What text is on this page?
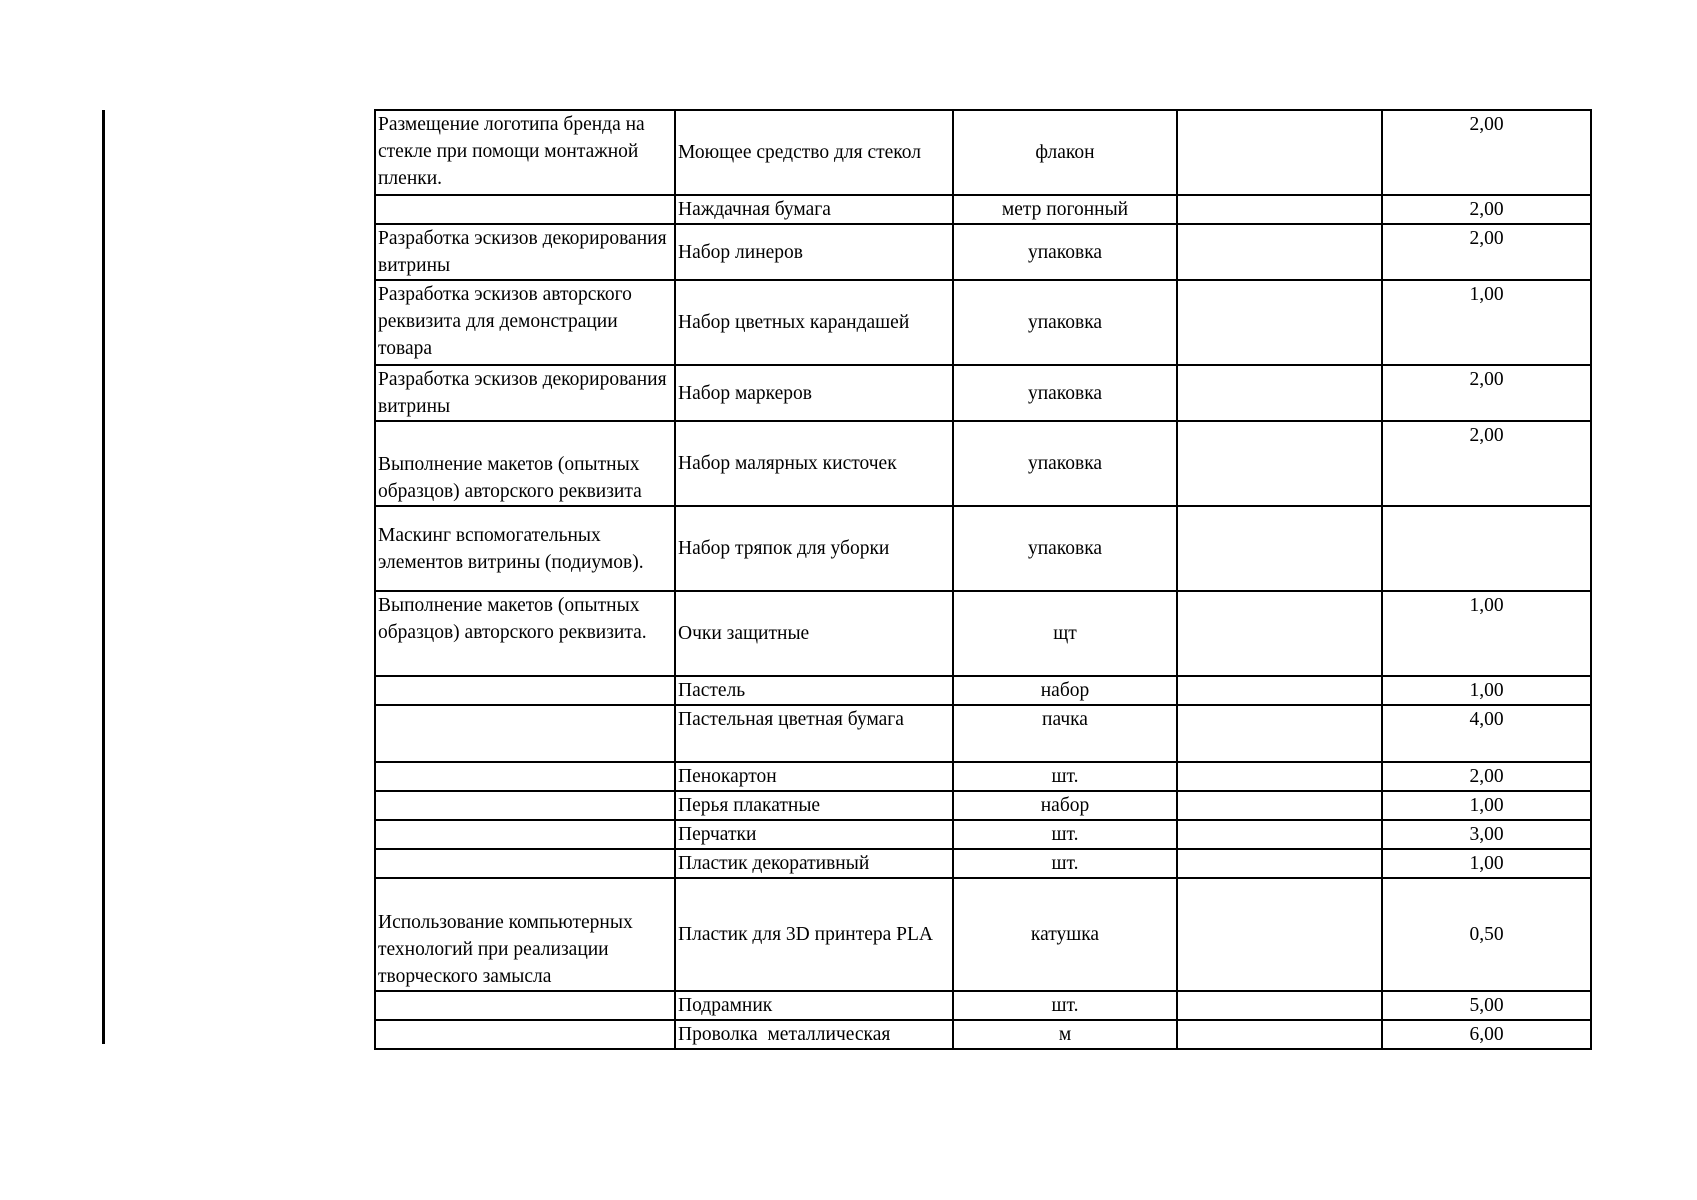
Размещение логотипа бренда на стекле при помощи монтажной пленки.	Моющее средство для стекол	флакон		2,00
	Наждачная бумага	метр погонный		2,00
Разработка эскизов декорирования витрины	Набор линеров	упаковка		2,00
Разработка эскизов авторского реквизита для демонстрации товара	Набор цветных карандашей	упаковка		1,00
Разработка эскизов декорирования витрины	Набор маркеров	упаковка		2,00
Выполнение макетов (опытных образцов) авторского реквизита	Набор малярных кисточек	упаковка		2,00
Маскинг вспомогательных элементов витрины (подиумов).	Набор тряпок для уборки	упаковка		
Выполнение макетов (опытных образцов) авторского реквизита.	Очки защитные	щт		1,00
	Пастель	набор		1,00
	Пастельная цветная бумага	пачка		4,00
	Пенокартон	шт.		2,00
	Перья плакатные	набор		1,00
	Перчатки	шт.		3,00
	Пластик декоративный	шт.		1,00
Использование компьютерных технологий при реализации творческого замысла	Пластик для 3D принтера PLA	катушка		0,50
	Подрамник	шт.		5,00
	Проволка  металлическая	м		6,00
